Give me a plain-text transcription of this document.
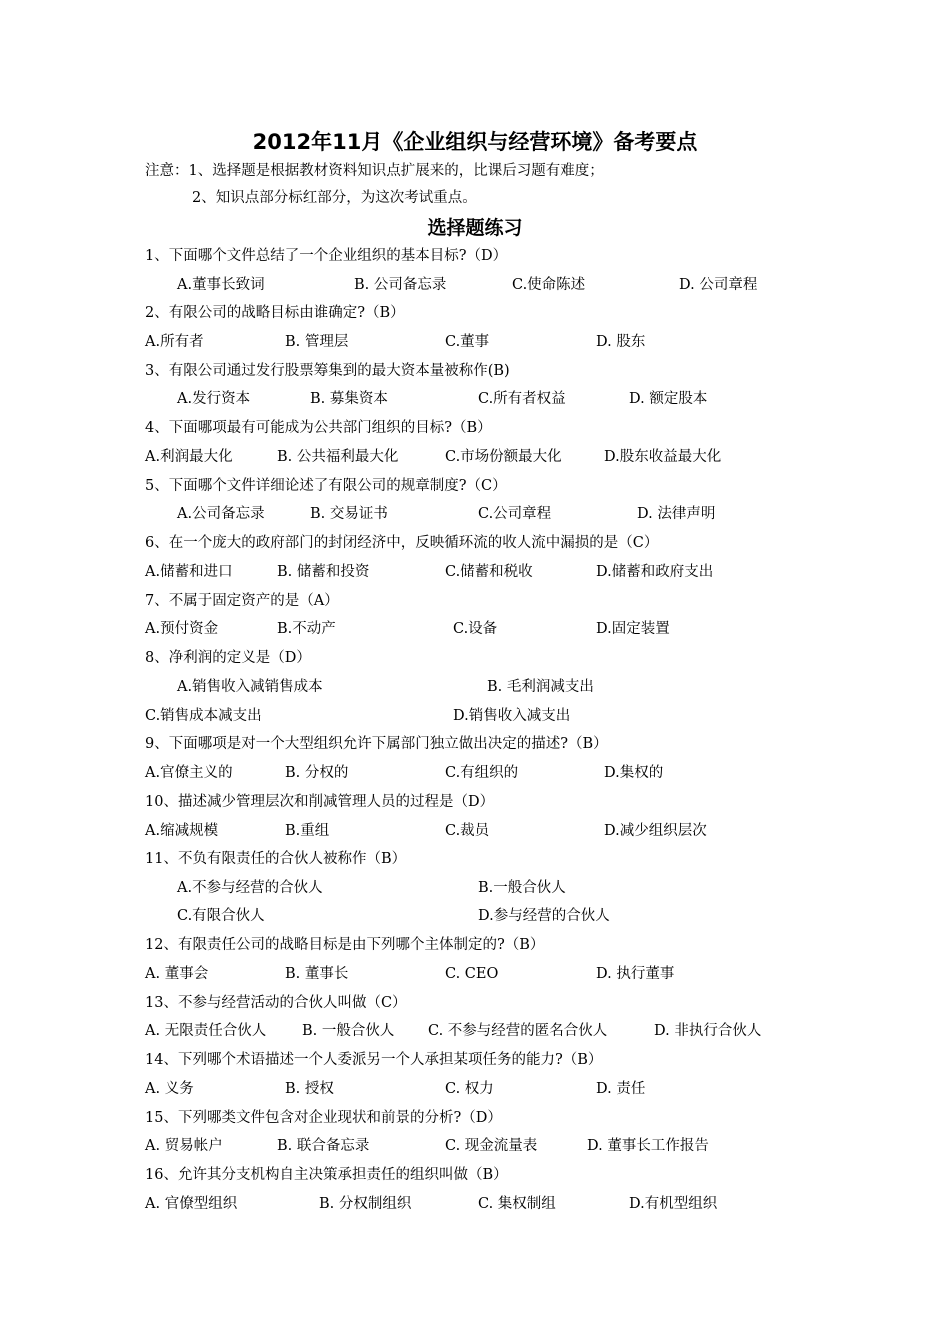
2012年11月《企业组织与经营环境》备考要点
注意：1、选择题是根据教材资料知识点扩展来的，比课后习题有难度；
2、知识点部分标红部分，为这次考试重点。
选择题练习
1、下面哪个文件总结了一个企业组织的基本目标?（D）
A.董事长致词	B. 公司备忘录	C.使命陈述	D. 公司章程
2、有限公司的战略目标由谁确定?（B）
A.所有者	B. 管理层	C.董事	D. 股东
3、有限公司通过发行股票筹集到的最大资本量被称作(B)
A.发行资本	B. 募集资本	C.所有者权益	D. 额定股本
4、下面哪项最有可能成为公共部门组织的目标?（B）
A.利润最大化	B. 公共福利最大化	C.市场份额最大化	D.股东收益最大化
5、下面哪个文件详细论述了有限公司的规章制度?（C）
A.公司备忘录	B. 交易证书	C.公司章程	D. 法律声明
6、在一个庞大的政府部门的封闭经济中，反映循环流的收人流中漏损的是（C）
A.储蓄和进口	B. 储蓄和投资	C.储蓄和税收	D.储蓄和政府支出
7、不属于固定资产的是（A）
A.预付资金	B.不动产	C.设备	D.固定装置
8、净利润的定义是（D）
A.销售收入减销售成本	B. 毛利润减支出
C.销售成本减支出	D.销售收入减支出
9、下面哪项是对一个大型组织允许下属部门独立做出决定的描述?（B）
A.官僚主义的	B. 分权的	C.有组织的	D.集权的
10、描述减少管理层次和削减管理人员的过程是（D）
A.缩减规模	B.重组	C.裁员	D.减少组织层次
11、不负有限责任的合伙人被称作（B）
A.不参与经营的合伙人	B.一般合伙人
C.有限合伙人	D.参与经营的合伙人
12、有限责任公司的战略目标是由下列哪个主体制定的?（B）
A. 董事会	B. 董事长	C. CEO	D. 执行董事
13、不参与经营活动的合伙人叫做（C）
A. 无限责任合伙人 B. 一般合伙人 C. 不参与经营的匿名合伙人	D. 非执行合伙人
14、下列哪个术语描述一个人委派另一个人承担某项任务的能力?（B）
A. 义务	B. 授权	C. 权力	D. 责任
15、下列哪类文件包含对企业现状和前景的分析?（D）
A. 贸易帐户	B. 联合备忘录	C. 现金流量表	D. 董事长工作报告
16、允许其分支机构自主决策承担责任的组织叫做（B）
A. 官僚型组织	B. 分权制组织	C. 集权制组	D.有机型组织
